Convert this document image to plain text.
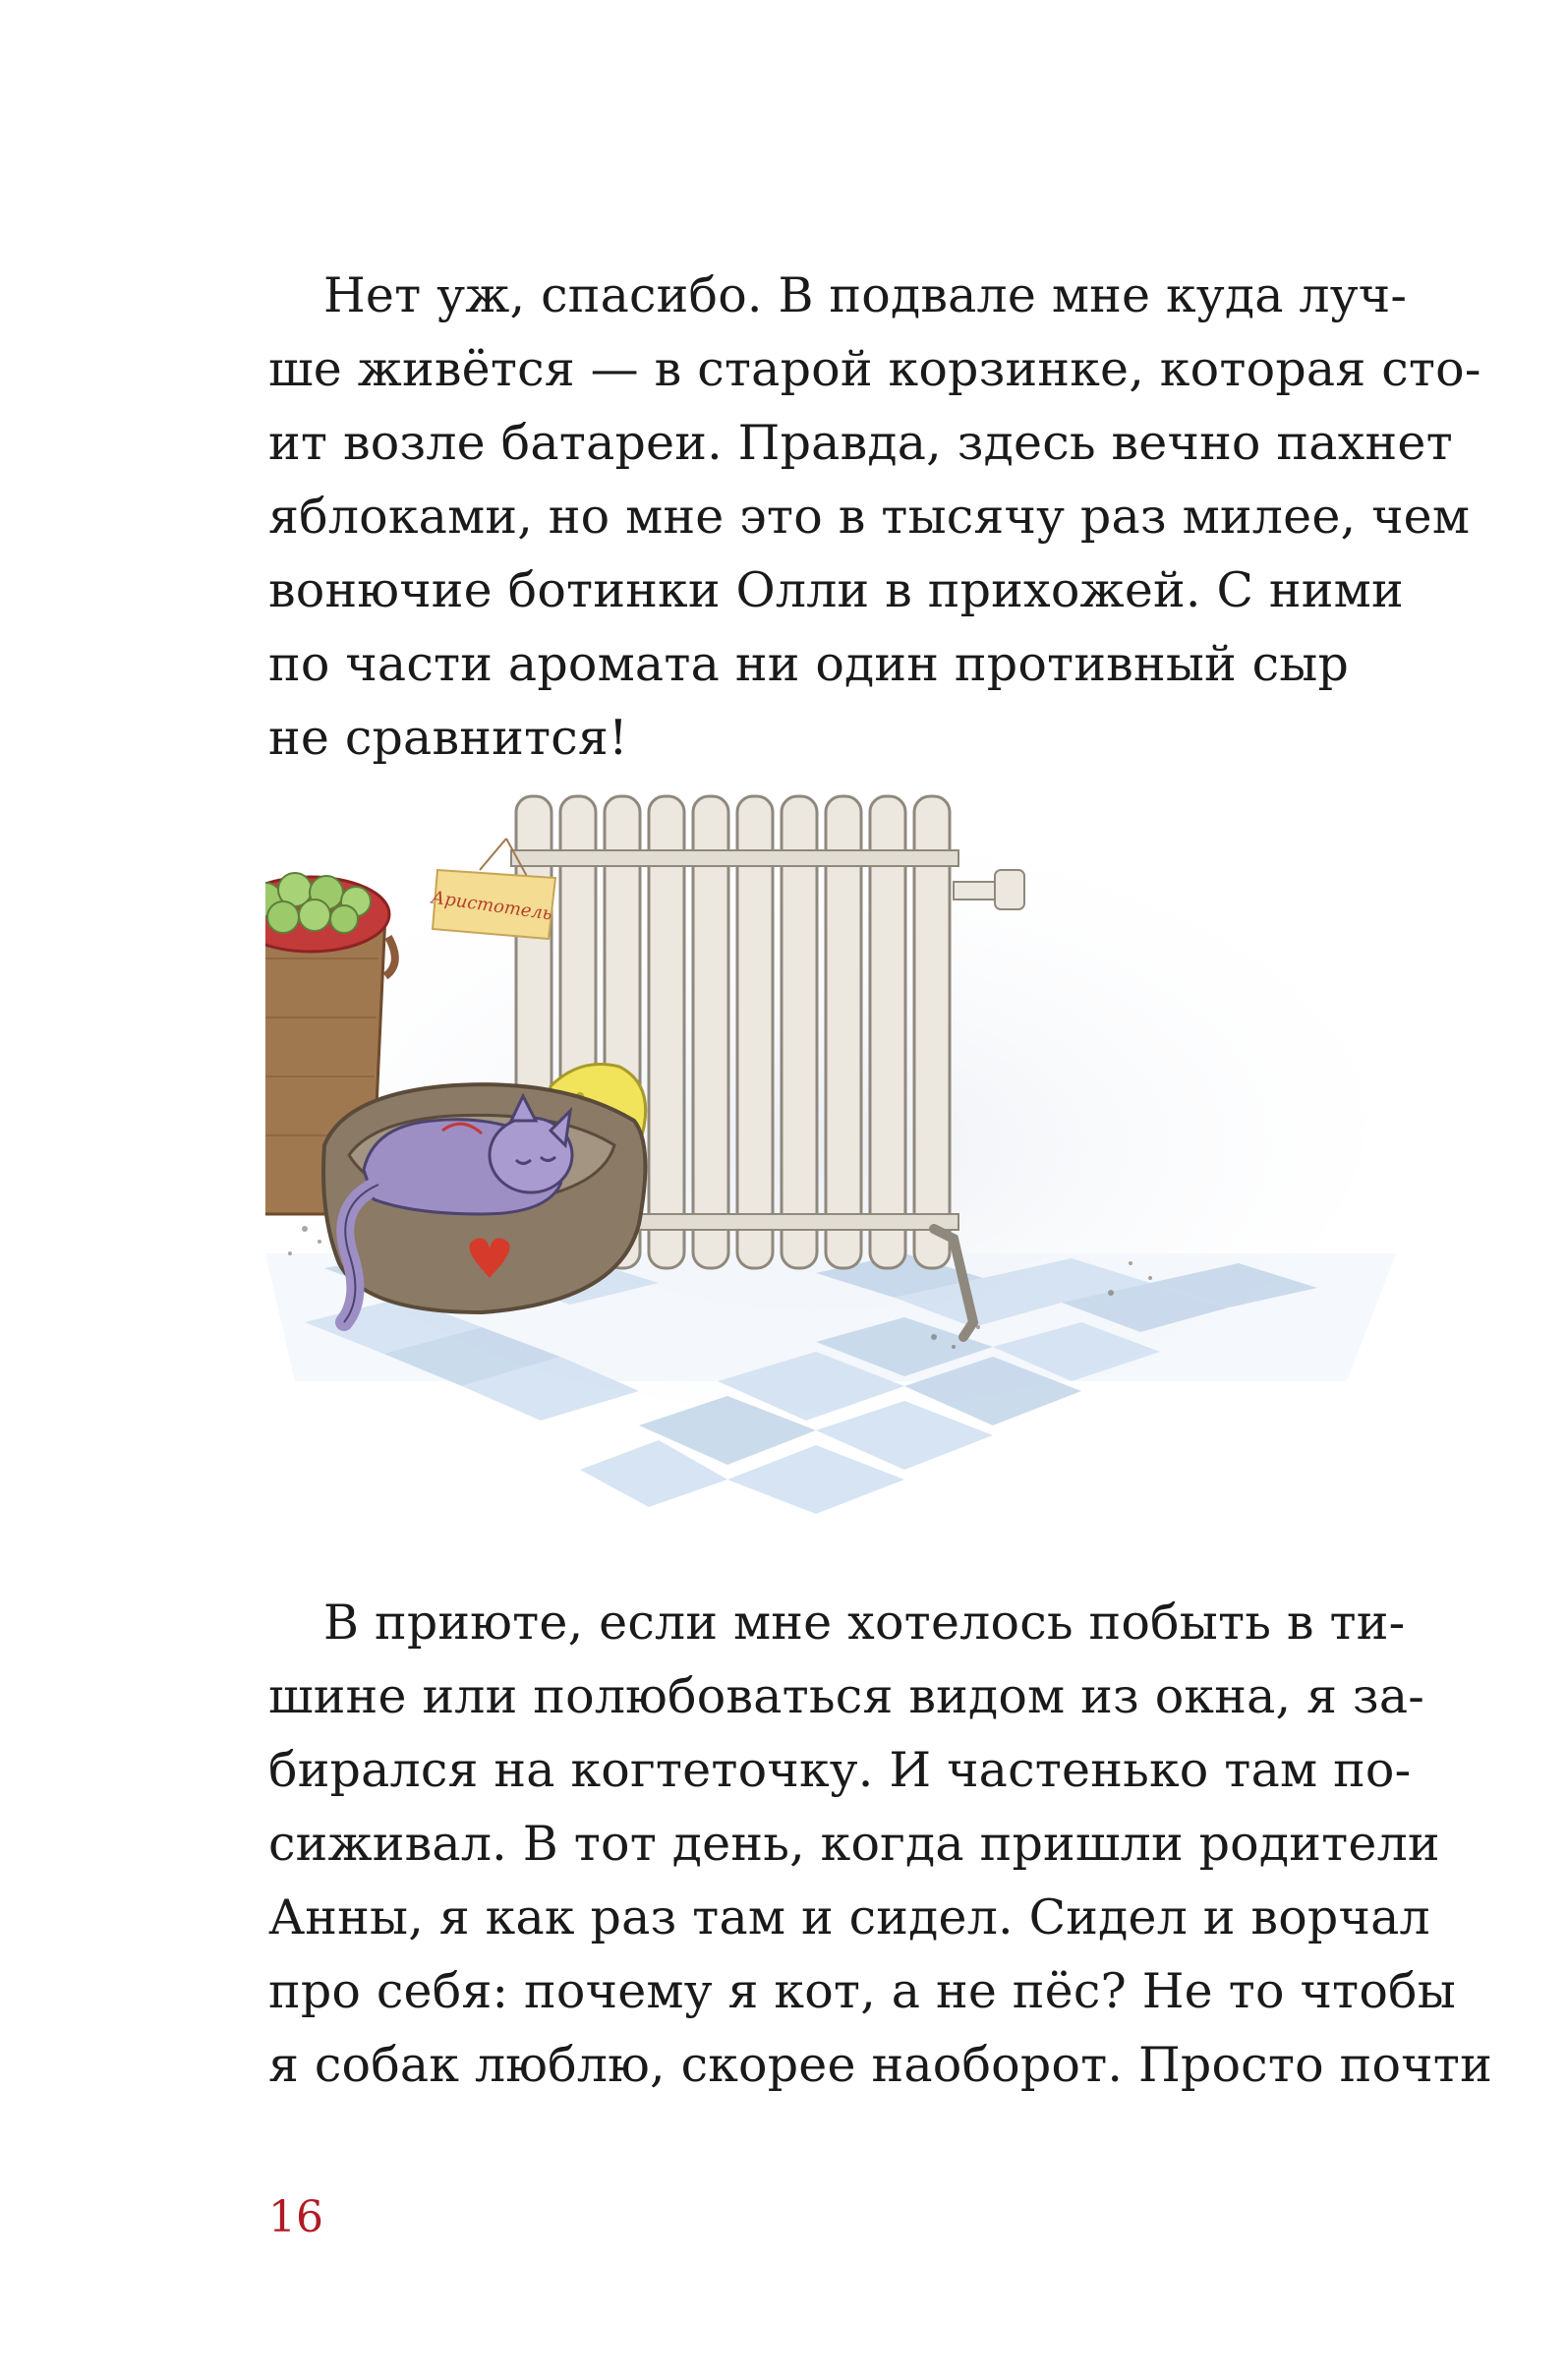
Нет уж, спасибо. В подвале мне куда луч-
ше живётся — в старой корзинке, которая сто-
ит возле батареи. Правда, здесь вечно пахнет
яблоками, но мне это в тысячу раз милее, чем
вонючие ботинки Олли в прихожей. С ними
по части аромата ни один противный сыр
не сравнится!
Аристотель
В приюте, если мне хотелось побыть в ти-
шине или полюбоваться видом из окна, я за-
бирался на когтеточку. И частенько там по-
сиживал. В тот день, когда пришли родители
Анны, я как раз там и сидел. Сидел и ворчал
про себя: почему я кот, а не пёс? Не то чтобы
я собак люблю, скорее наоборот. Просто почти
16
